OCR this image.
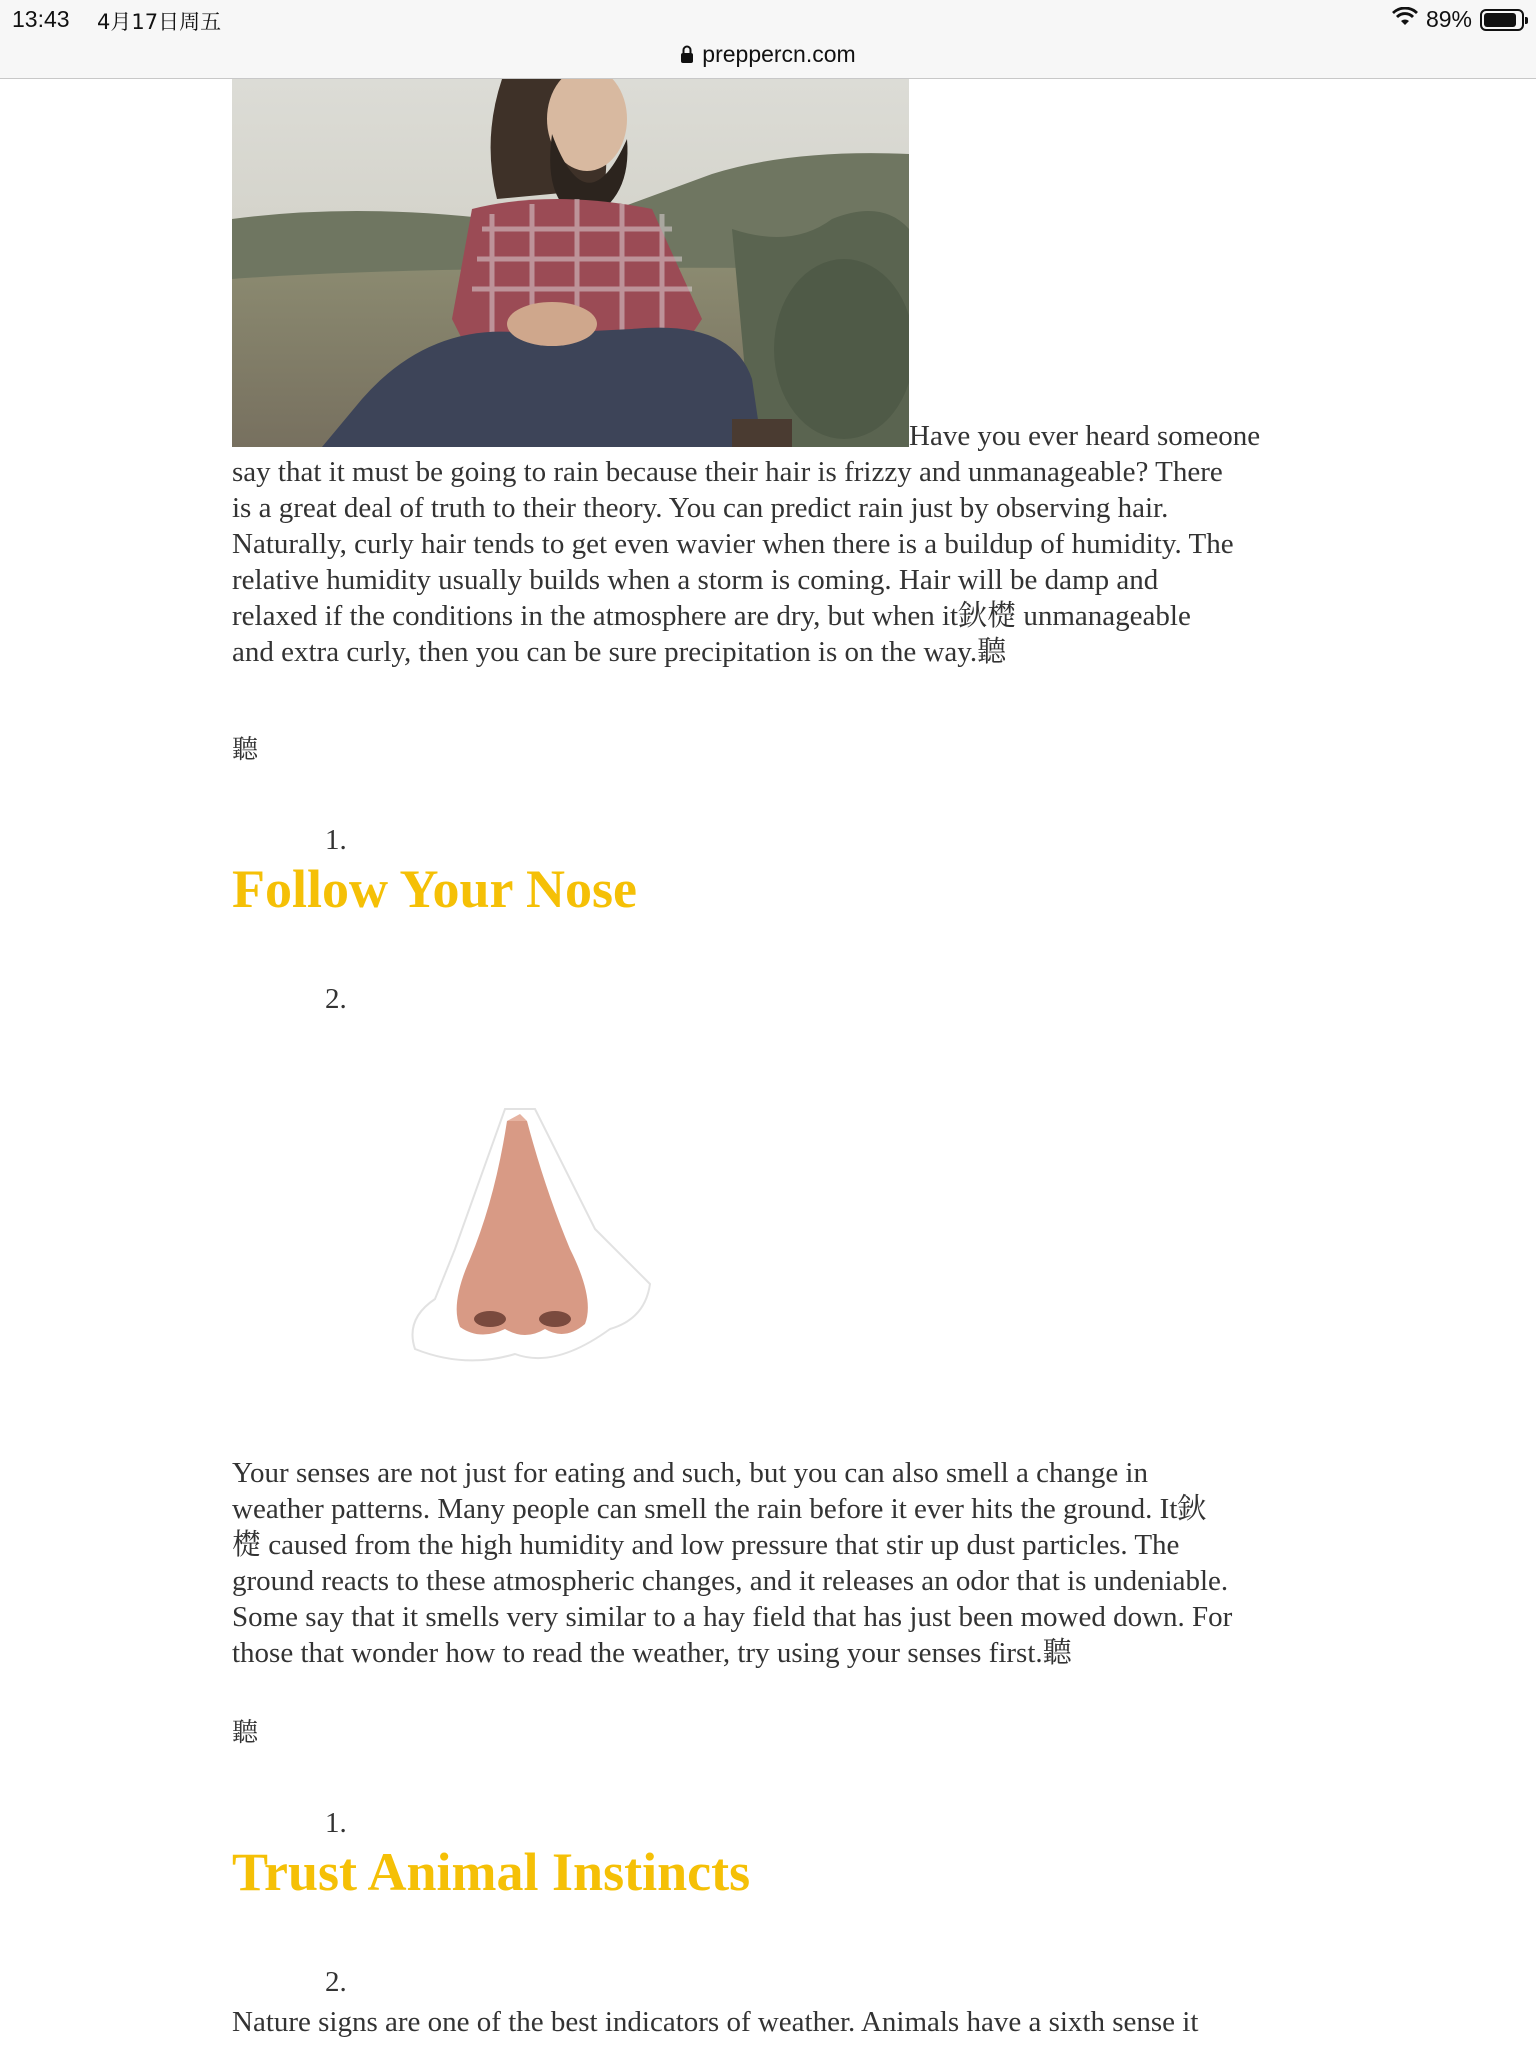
13:43 4月17日周五	89%
preppercn.com
Have you ever heard someone
say that it must be going to rain because their hair is frizzy and unmanageable? There
is a great deal of truth to their theory. You can predict rain just by observing hair.
Naturally, curly hair tends to get even wavier when there is a buildup of humidity. The
relative humidity usually builds when a storm is coming. Hair will be damp and
relaxed if the conditions in the atmosphere are dry, but when it鈥檚 unmanageable
and extra curly, then you can be sure precipitation is on the way.聽
聽
1.
Follow Your Nose
2.
Your senses are not just for eating and such, but you can also smell a change in
weather patterns. Many people can smell the rain before it ever hits the ground. It鈥
檚 caused from the high humidity and low pressure that stir up dust particles. The
ground reacts to these atmospheric changes, and it releases an odor that is undeniable.
Some say that it smells very similar to a hay field that has just been mowed down. For
those that wonder how to read the weather, try using your senses first.聽
聽
1.
Trust Animal Instincts
2.
Nature signs are one of the best indicators of weather. Animals have a sixth sense it
